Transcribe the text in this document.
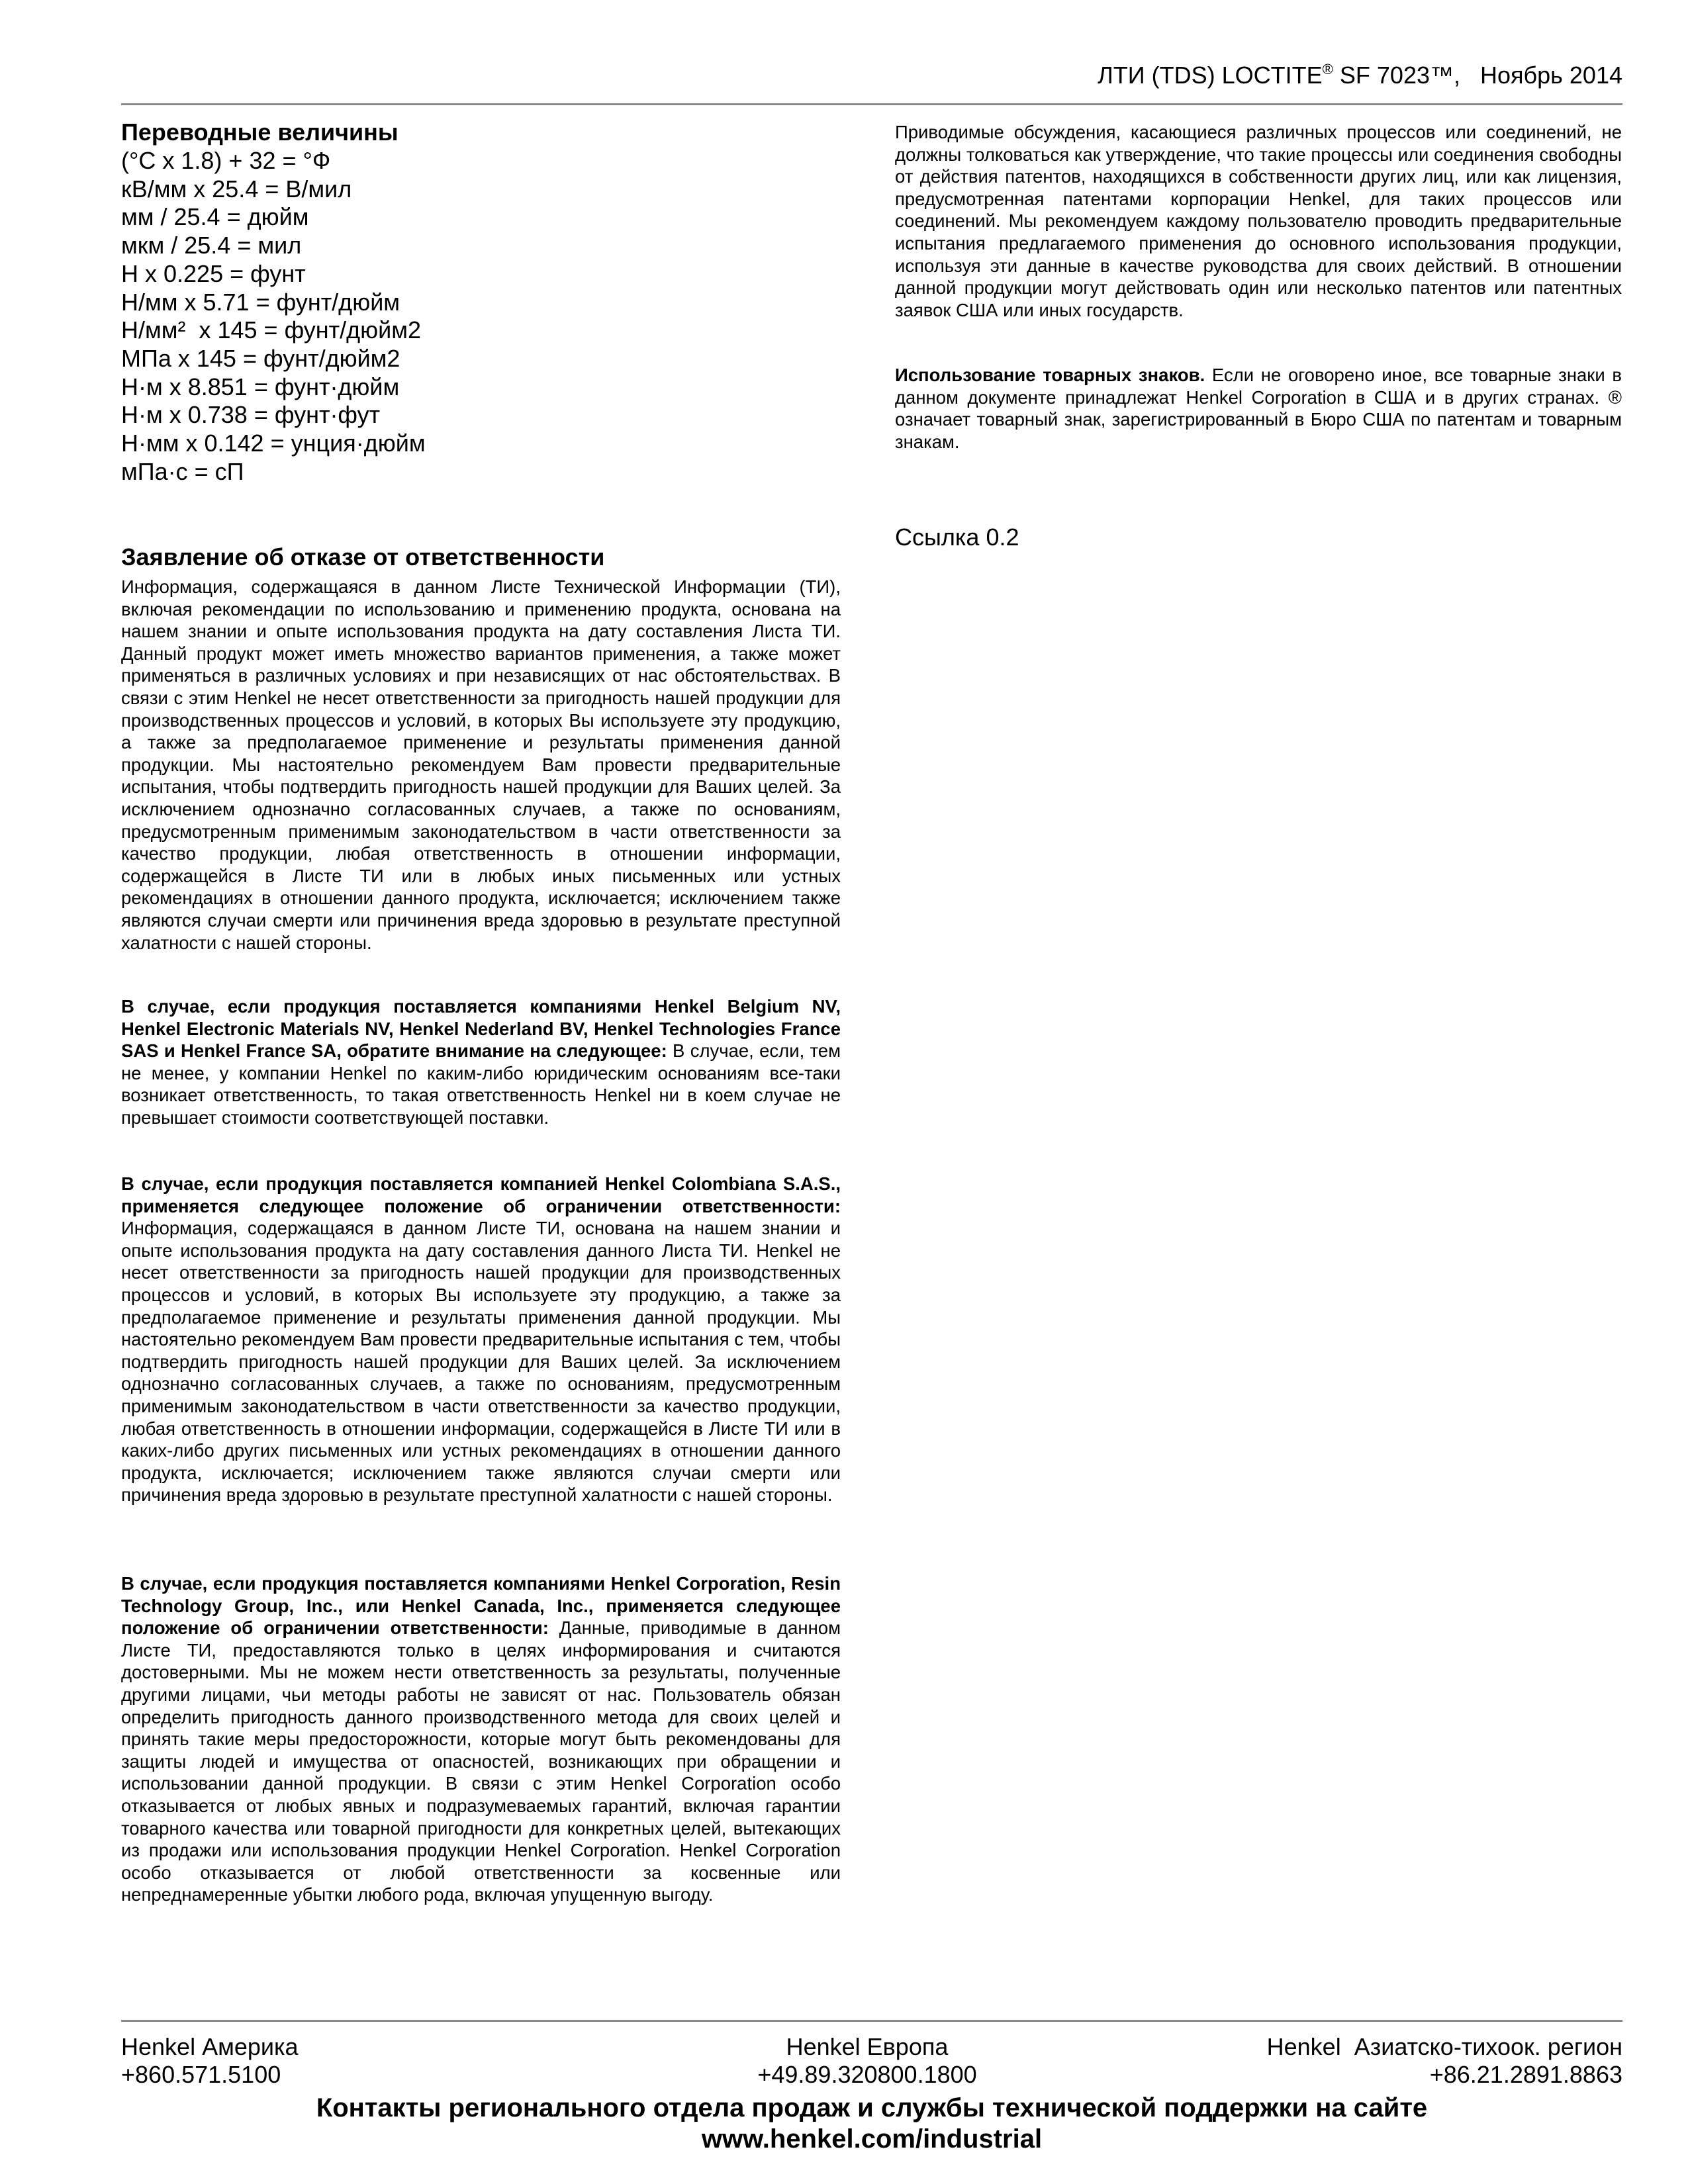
ЛТИ (TDS) LOCTITE® SF 7023™,   Ноябрь 2014
Переводные величины
(°C x 1.8) + 32 = °Ф
кВ/мм x 25.4 = В/мил
мм / 25.4 = дюйм
мкм / 25.4 = мил
Н x 0.225 = фунт
Н/мм x 5.71 = фунт/дюйм
Н/мм²  x 145 = фунт/дюйм2
МПа x 145 = фунт/дюйм2
Н·м x 8.851 = фунт·дюйм
Н·м x 0.738 = фунт·фут
Н·мм x 0.142 = унция·дюйм
мПа·с = сП
Заявление об отказе от ответственности
Информация, содержащаяся в данном Листе Технической Информации (ТИ), включая рекомендации по использованию и применению продукта, основана на нашем знании и опыте использования продукта на дату составления Листа ТИ. Данный продукт может иметь множество вариантов применения, а также может применяться в различных условиях и при независящих от нас обстоятельствах. В связи с этим Henkel не несет ответственности за пригодность нашей продукции для производственных процессов и условий, в которых Вы используете эту продукцию, а также за предполагаемое применение и результаты применения данной продукции. Мы настоятельно рекомендуем Вам провести предварительные испытания, чтобы подтвердить пригодность нашей продукции для Ваших целей. За исключением однозначно согласованных случаев, а также по основаниям, предусмотренным применимым законодательством в части ответственности за качество продукции, любая ответственность в отношении информации, содержащейся в Листе ТИ или в любых иных письменных или устных рекомендациях в отношении данного продукта, исключается; исключением также являются случаи смерти или причинения вреда здоровью в результате преступной халатности с нашей стороны.
В случае, если продукция поставляется компаниями Henkel Belgium NV, Henkel Electronic Materials NV, Henkel Nederland BV, Henkel Technologies France SAS и Henkel France SA, обратите внимание на следующее: В случае, если, тем не менее, у компании Henkel по каким-либо юридическим основаниям все-таки возникает ответственность, то такая ответственность Henkel ни в коем случае не превышает стоимости соответствующей поставки.
В случае, если продукция поставляется компанией Henkel Colombiana S.A.S., применяется следующее положение об ограничении ответственности: Информация, содержащаяся в данном Листе ТИ, основана на нашем знании и опыте использования продукта на дату составления данного Листа ТИ. Henkel не несет ответственности за пригодность нашей продукции для производственных процессов и условий, в которых Вы используете эту продукцию, а также за предполагаемое применение и результаты применения данной продукции. Мы настоятельно рекомендуем Вам провести предварительные испытания с тем, чтобы подтвердить пригодность нашей продукции для Ваших целей. За исключением однозначно согласованных случаев, а также по основаниям, предусмотренным применимым законодательством в части ответственности за качество продукции, любая ответственность в отношении информации, содержащейся в Листе ТИ или в каких-либо других письменных или устных рекомендациях в отношении данного продукта, исключается; исключением также являются случаи смерти или причинения вреда здоровью в результате преступной халатности с нашей стороны.
В случае, если продукция поставляется компаниями Henkel Corporation, Resin Technology Group, Inc., или Henkel Canada, Inc., применяется следующее положение об ограничении ответственности: Данные, приводимые в данном Листе ТИ, предоставляются только в целях информирования и считаются достоверными. Мы не можем нести ответственность за результаты, полученные другими лицами, чьи методы работы не зависят от нас. Пользователь обязан определить пригодность данного производственного метода для своих целей и принять такие меры предосторожности, которые могут быть рекомендованы для защиты людей и имущества от опасностей, возникающих при обращении и использовании данной продукции. В связи с этим Henkel Corporation особо отказывается от любых явных и подразумеваемых гарантий, включая гарантии товарного качества или товарной пригодности для конкретных целей, вытекающих из продажи или использования продукции Henkel Corporation. Henkel Corporation особо отказывается от любой ответственности за косвенные или непреднамеренные убытки любого рода, включая упущенную выгоду.
Приводимые обсуждения, касающиеся различных процессов или соединений, не должны толковаться как утверждение, что такие процессы или соединения свободны от действия патентов, находящихся в собственности других лиц, или как лицензия, предусмотренная патентами корпорации Henkel, для таких процессов или соединений. Мы рекомендуем каждому пользователю проводить предварительные испытания предлагаемого применения до основного использования продукции, используя эти данные в качестве руководства для своих действий. В отношении данной продукции могут действовать один или несколько патентов или патентных заявок США или иных государств.
Использование товарных знаков. Если не оговорено иное, все товарные знаки в данном документе принадлежат Henkel Corporation в США и в других странах. ® означает товарный знак, зарегистрированный в Бюро США по патентам и товарным знакам.
Ссылка 0.2
Henkel Америка
+860.571.5100
Henkel Европа
+49.89.320800.1800
Henkel  Азиатско-тихоок. регион
+86.21.2891.8863
Контакты регионального отдела продаж и службы технической поддержки на сайте
www.henkel.com/industrial
